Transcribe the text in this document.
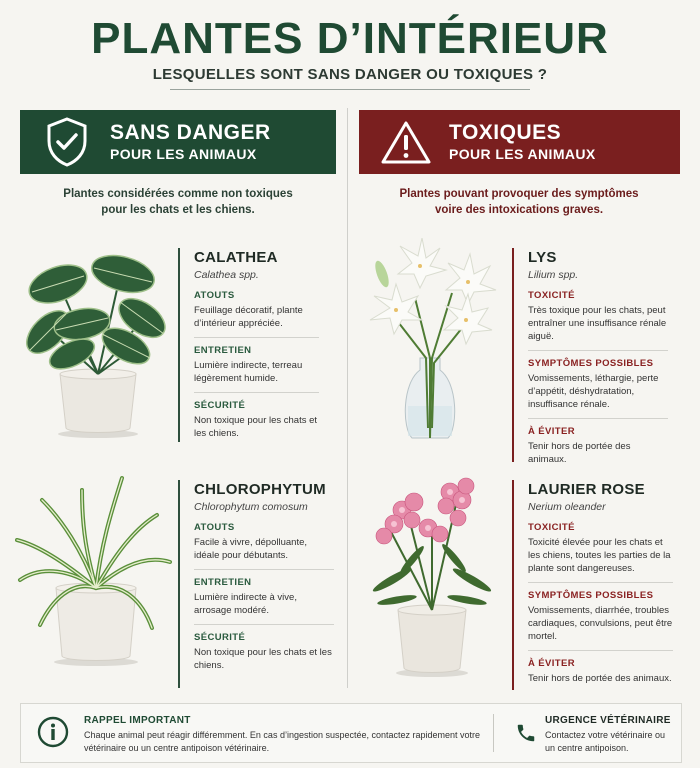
PLANTES D’INTÉRIEUR
LESQUELLES SONT SANS DANGER OU TOXIQUES ?
SANS DANGER
POUR LES ANIMAUX
TOXIQUES
POUR LES ANIMAUX
Plantes considérées comme non toxiques
pour les chats et les chiens.
Plantes pouvant provoquer des symptômes
voire des intoxications graves.
CALATHEA
Calathea spp.
ATOUTS
Feuillage décoratif, plante d’intérieur appréciée.
ENTRETIEN
Lumière indirecte, terreau légèrement humide.
SÉCURITÉ
Non toxique pour les chats et les chiens.
CHLOROPHYTUM
Chlorophytum comosum
ATOUTS
Facile à vivre, dépolluante, idéale pour débutants.
ENTRETIEN
Lumière indirecte à vive, arrosage modéré.
SÉCURITÉ
Non toxique pour les chats et les chiens.
LYS
Lilium spp.
TOXICITÉ
Très toxique pour les chats, peut entraîner une insuffisance rénale aiguë.
SYMPTÔMES POSSIBLES
Vomissements, léthargie, perte d’appétit, déshydratation, insuffisance rénale.
À ÉVITER
Tenir hors de portée des animaux.
LAURIER ROSE
Nerium oleander
TOXICITÉ
Toxicité élevée pour les chats et les chiens, toutes les parties de la plante sont dangereuses.
SYMPTÔMES POSSIBLES
Vomissements, diarrhée, troubles cardiaques, convulsions, peut être mortel.
À ÉVITER
Tenir hors de portée des animaux.
RAPPEL IMPORTANT
Chaque animal peut réagir différemment. En cas d’ingestion suspectée, contactez rapidement votre vétérinaire ou un centre antipoison vétérinaire.
URGENCE VÉTÉRINAIRE
Contactez votre vétérinaire ou un centre antipoison.
